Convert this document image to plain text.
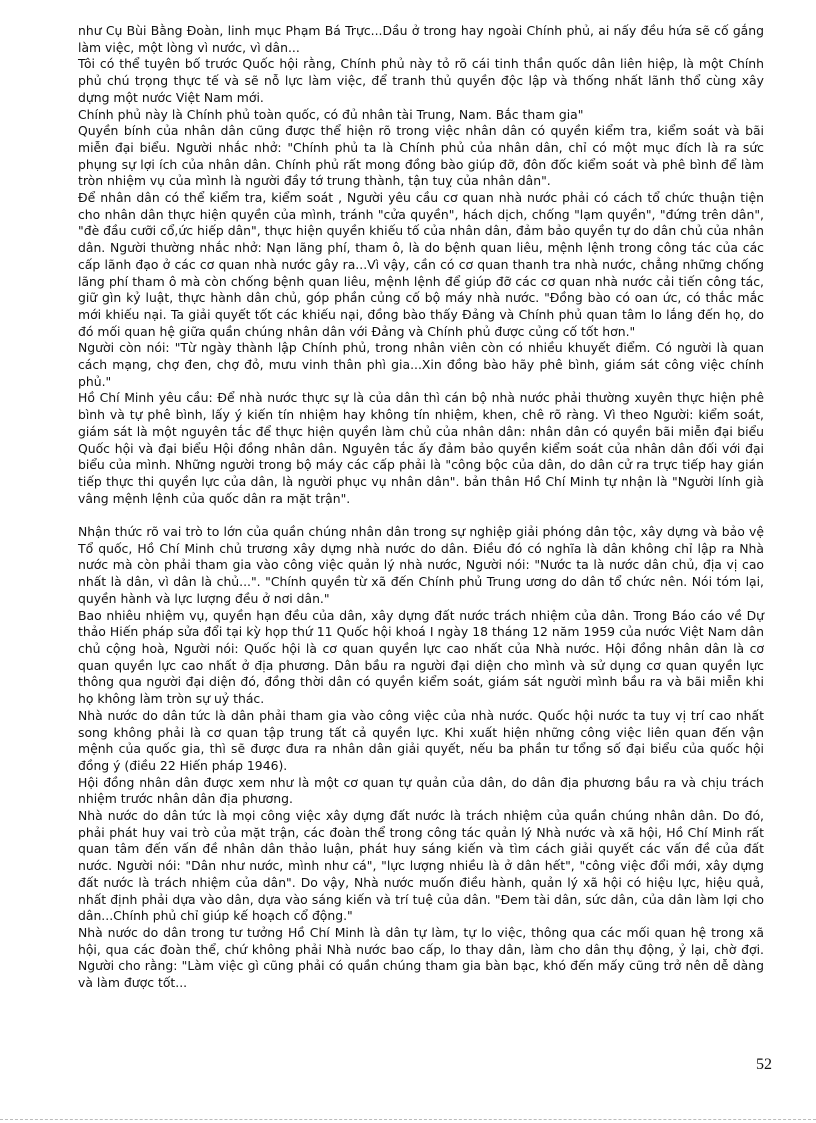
như Cụ Bùi Bằng Đoàn, linh mục Phạm Bá Trực...Dầu ở trong hay ngoài Chính phủ, ai nấy đều hứa sẽ cố gắng làm việc, một lòng vì nước, vì dân...

Tôi có thể tuyên bố trước Quốc hội rằng, Chính phủ này tỏ rõ cái tinh thần quốc dân liên hiệp, là một Chính phủ chú trọng thực tế và sẽ nỗ lực làm việc, để tranh thủ quyền độc lập và thống nhất lãnh thổ cùng xây dựng một nước Việt Nam mới.

Chính phủ này là Chính phủ toàn quốc, có đủ nhân tài Trung, Nam. Bắc tham gia"

Quyền bính của nhân dân cũng được thể hiện rõ trong việc nhân dân có quyền kiểm tra, kiểm soát và bãi miễn đại biểu. Người nhắc nhở: "Chính phủ ta là Chính phủ của nhân dân, chỉ có một mục đích là ra sức phụng sự lợi ích của nhân dân. Chính phủ rất mong đồng bào giúp đỡ, đôn đốc kiểm soát và phê bình để làm tròn nhiệm vụ của mình là người đầy tớ trung thành, tận tuỵ của nhân dân".

Để nhân dân có thể kiểm tra, kiểm soát , Người yêu cầu cơ quan nhà nước phải có cách tổ chức thuận tiện cho nhân dân thực hiện quyền của mình, tránh "cửa quyền", hách dịch, chống "lạm quyền", "đứng trên dân", "đè đầu cưỡi cổ,ức hiếp dân", thực hiện quyền khiếu tố của nhân dân, đảm bảo quyền tự do dân chủ của nhân dân. Người thường nhắc nhở: Nạn lãng phí, tham ô, là do bệnh quan liêu, mệnh lệnh trong công tác của các cấp lãnh đạo ở các cơ quan nhà nước gây ra...Vì vậy, cần có cơ quan thanh tra nhà nước, chẳng những chống lãng phí tham ô mà còn chống bệnh quan liêu, mệnh lệnh để giúp đỡ các cơ quan nhà nước cải tiến công tác, giữ gìn kỷ luật, thực hành dân chủ, góp phần củng cố bộ máy nhà nước. "Đồng bào có oan ức, có thắc mắc mới khiếu nại. Ta giải quyết tốt các khiếu nại, đồng bào thấy Đảng và Chính phủ quan tâm lo lắng đến họ, do đó mối quan hệ giữa quần chúng nhân dân với Đảng và Chính phủ được củng cố tốt hơn."

Người còn nói: "Từ ngày thành lập Chính phủ, trong nhân viên còn có nhiều khuyết điểm. Có người là quan cách mạng, chợ đen, chợ đỏ, mưu vinh thân phì gia...Xin đồng bào hãy phê bình, giám sát công việc chính phủ."

Hồ Chí Minh yêu cầu: Để nhà nước thực sự là của dân thì cán bộ nhà nước phải thường xuyên thực hiện phê bình và tự phê bình, lấy ý kiến tín nhiệm hay không tín nhiệm, khen, chê rõ ràng. Vì theo Người: kiểm soát, giám sát là một nguyên tắc để thực hiện quyền làm chủ của nhân dân: nhân dân có quyền bãi miễn đại biểu Quốc hội và đại biểu Hội đồng nhân dân. Nguyên tắc ấy đảm bảo quyền kiểm soát của nhân dân đối với đại biểu của mình. Những người trong bộ máy các cấp phải là "công bộc của dân, do dân cử ra trực tiếp hay gián tiếp thực thi quyền lực của dân, là người phục vụ nhân dân". bản thân Hồ Chí Minh tự nhận là "Người lính già vâng mệnh lệnh của quốc dân ra mặt trận".

Nhận thức rõ vai trò to lớn của quần chúng nhân dân trong sự nghiệp giải phóng dân tộc, xây dựng và bảo vệ Tổ quốc, Hồ Chí Minh chủ trương xây dựng nhà nước do dân. Điều đó có nghĩa là dân không chỉ lập ra Nhà nước mà còn phải tham gia vào công việc quản lý nhà nước, Người nói: "Nước ta là nước dân chủ, địa vị cao nhất là dân, vì dân là chủ...". "Chính quyền từ xã đến Chính phủ Trung ương do dân tổ chức nên. Nói tóm lại, quyền hành và lực lượng đều ở nơi dân."

Bao nhiêu nhiệm vụ, quyền hạn đều của dân, xây dựng đất nước trách nhiệm của dân. Trong Báo cáo về Dự thảo Hiến pháp sửa đổi tại kỳ họp thứ 11 Quốc hội khoá I ngày 18 tháng 12 năm 1959 của nước Việt Nam dân chủ cộng hoà, Người nói: Quốc hội là cơ quan quyền lực cao nhất của Nhà nước. Hội đồng nhân dân là cơ quan quyền lực cao nhất ở địa phương. Dân bầu ra người đại diện cho mình và sử dụng cơ quan quyền lực thông qua người đại diện đó, đồng thời dân có quyền kiểm soát, giám sát người mình bầu ra và bãi miễn khi họ không làm tròn sự uỷ thác.

Nhà nước do dân tức là dân phải tham gia vào công việc của nhà nước. Quốc hội nước ta tuy vị trí cao nhất song không phải là cơ quan tập trung tất cả quyền lực. Khi xuất hiện những công việc liên quan đến vận mệnh của quốc gia, thì sẽ được đưa ra nhân dân giải quyết, nếu ba phần tư tổng số đại biểu của quốc hội đồng ý (điều 22 Hiến pháp 1946).

Hội đồng nhân dân được xem như là một cơ quan tự quản của dân, do dân địa phương bầu ra và chịu trách nhiệm trước nhân dân địa phương.

Nhà nước do dân tức là mọi công việc xây dựng đất nước là trách nhiệm của quần chúng nhân dân. Do đó, phải phát huy vai trò của mặt trận, các đoàn thể trong công tác quản lý Nhà nước và xã hội, Hồ Chí Minh rất quan tâm đến vấn đề nhân dân thảo luận, phát huy sáng kiến và tìm cách giải quyết các vấn đề của đất nước. Người nói: "Dân như nước, mình như cá", "lực lượng nhiều là ở dân hết", "công việc đổi mới, xây dựng đất nước là trách nhiệm của dân". Do vậy, Nhà nước muốn điều hành, quản lý xã hội có hiệu lực, hiệu quả, nhất định phải dựa vào dân, dựa vào sáng kiến và trí tuệ của dân. "Đem tài dân, sức dân, của dân làm lợi cho dân...Chính phủ chỉ giúp kế hoạch cổ động."

Nhà nước do dân trong tư tưởng Hồ Chí Minh là dân tự làm, tự lo việc, thông qua các mối quan hệ trong xã hội, qua các đoàn thể, chứ không phải Nhà nước bao cấp, lo thay dân, làm cho dân thụ động, ỷ lại, chờ đợi. Người cho rằng: "Làm việc gì cũng phải có quần chúng tham gia bàn bạc, khó đến mấy cũng trở nên dễ dàng và làm được tốt...

52
